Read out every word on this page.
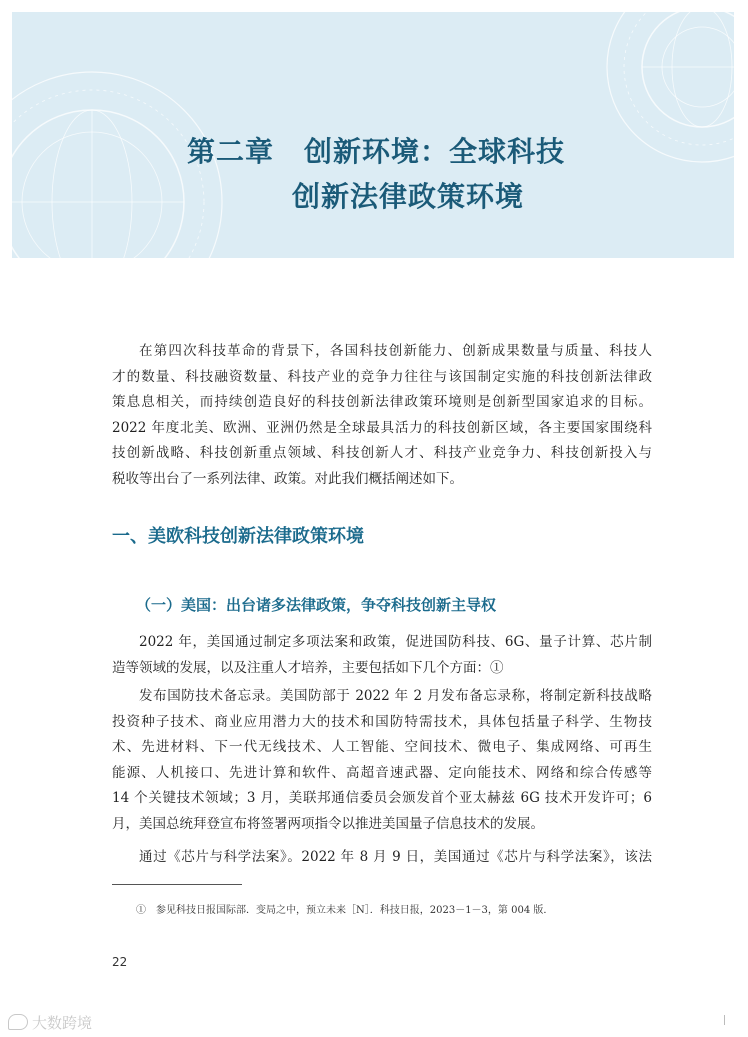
第二章 创新环境：全球科技
创新法律政策环境
在第四次科技革命的背景下，各国科技创新能力、创新成果数量与质量、科技人
才的数量、科技融资数量、科技产业的竞争力往往与该国制定实施的科技创新法律政
策息息相关，而持续创造良好的科技创新法律政策环境则是创新型国家追求的目标。
2022 年度北美、欧洲、亚洲仍然是全球最具活力的科技创新区域，各主要国家围绕科
技创新战略、科技创新重点领域、科技创新人才、科技产业竞争力、科技创新投入与
税收等出台了一系列法律、政策。对此我们概括阐述如下。
一、美欧科技创新法律政策环境
（一）美国：出台诸多法律政策，争夺科技创新主导权
2022 年，美国通过制定多项法案和政策，促进国防科技、6G、量子计算、芯片制
造等领域的发展，以及注重人才培养，主要包括如下几个方面：①
发布国防技术备忘录。美国防部于 2022 年 2 月发布备忘录称，将制定新科技战略
投资种子技术、商业应用潜力大的技术和国防特需技术，具体包括量子科学、生物技
术、先进材料、下一代无线技术、人工智能、空间技术、微电子、集成网络、可再生
能源、人机接口、先进计算和软件、高超音速武器、定向能技术、网络和综合传感等
14 个关键技术领域；3 月，美联邦通信委员会颁发首个亚太赫兹 6G 技术开发许可；6
月，美国总统拜登宣布将签署两项指令以推进美国量子信息技术的发展。
通过《芯片与科学法案》。2022 年 8 月 9 日，美国通过《芯片与科学法案》，该法
①　参见科技日报国际部．变局之中，预立未来［N］．科技日报，2023－1－3，第 004 版．
22
大数跨境
